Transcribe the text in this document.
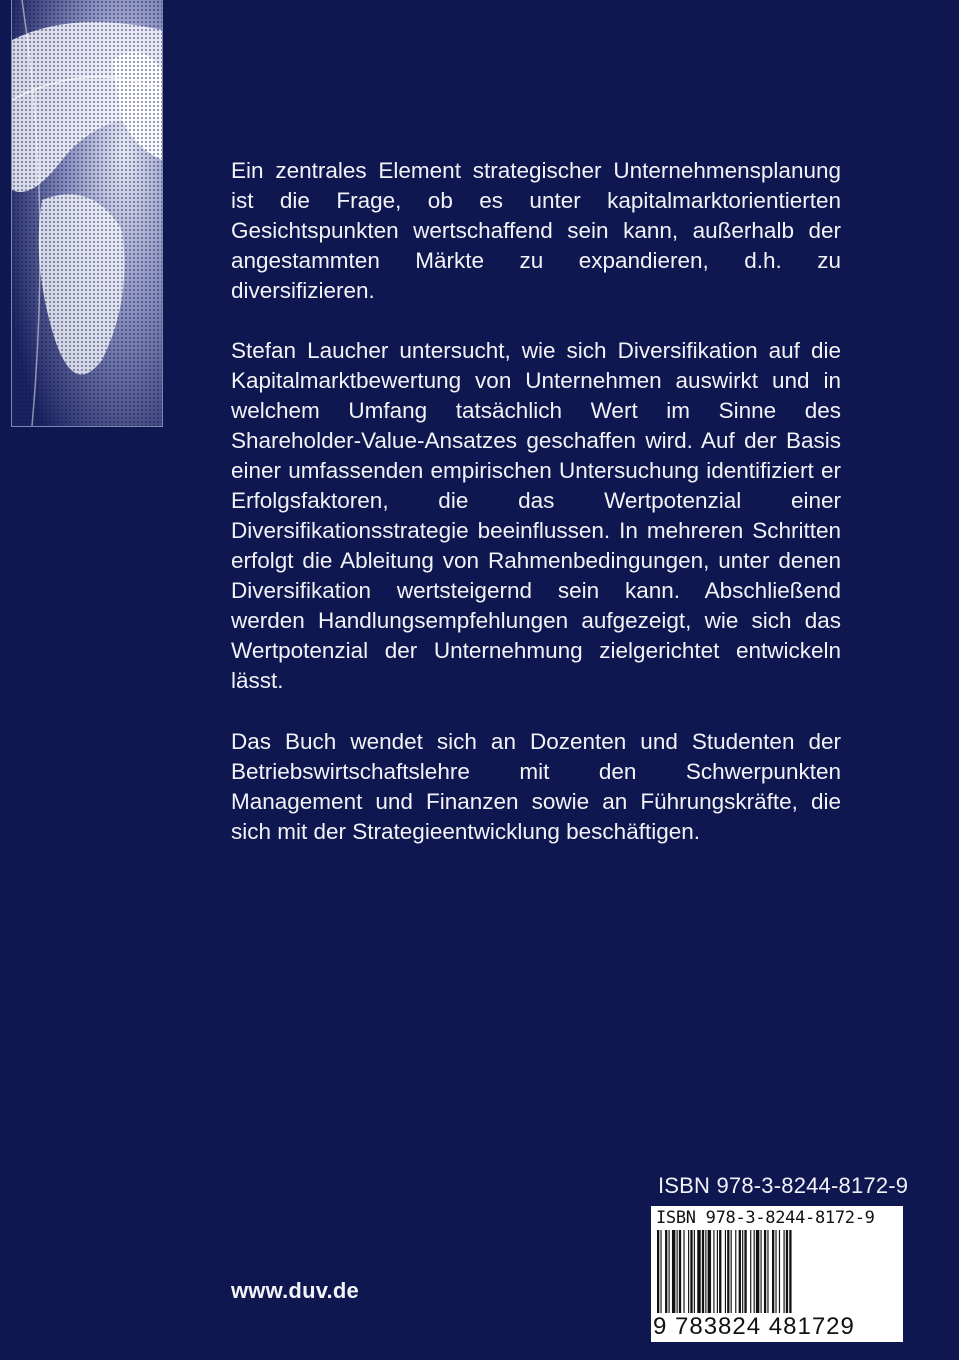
Ein zentrales Element strategischer Unternehmensplanung ist die Frage, ob es unter kapitalmarktorientierten Gesichtspunkten wertschaffend sein kann, außerhalb der angestammten Märkte zu expandieren, d.h. zu diversifizieren.

Stefan Laucher untersucht, wie sich Diversifikation auf die Kapitalmarktbewertung von Unternehmen auswirkt und in welchem Umfang tatsächlich Wert im Sinne des Shareholder-Value-Ansatzes geschaffen wird. Auf der Basis einer umfassenden empirischen Untersuchung identifiziert er Erfolgsfaktoren, die das Wertpotenzial einer Diversifikationsstrategie beeinflussen. In mehreren Schritten erfolgt die Ableitung von Rahmenbedingungen, unter denen Diversifikation wertsteigernd sein kann. Abschließend werden Handlungsempfehlungen aufgezeigt, wie sich das Wertpotenzial der Unternehmung zielgerichtet entwickeln lässt.

Das Buch wendet sich an Dozenten und Studenten der Betriebswirtschaftslehre mit den Schwerpunkten Management und Finanzen sowie an Führungskräfte, die sich mit der Strategieentwicklung beschäftigen.

www.duv.de
ISBN 978-3-8244-8172-9
ISBN 978-3-8244-8172-9
9 783824 481729
